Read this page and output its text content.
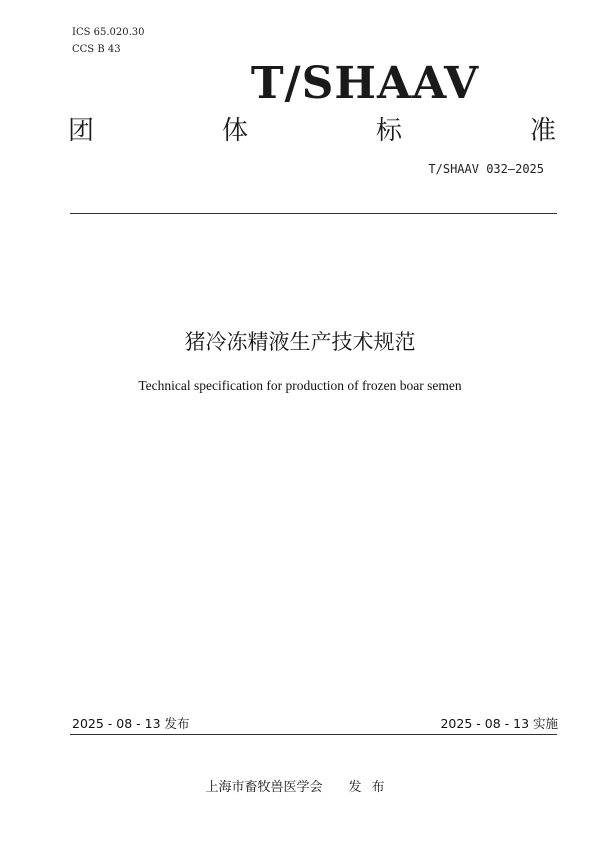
ICS 65.020.30
CCS B 43
T/SHAAV
团	体	标	准
T/SHAAV 032—2025
猪冷冻精液生产技术规范
Technical specification for production of frozen boar semen
2025 - 08 - 13 发布	2025 - 08 - 13 实施
上海市畜牧兽医学会 发布
